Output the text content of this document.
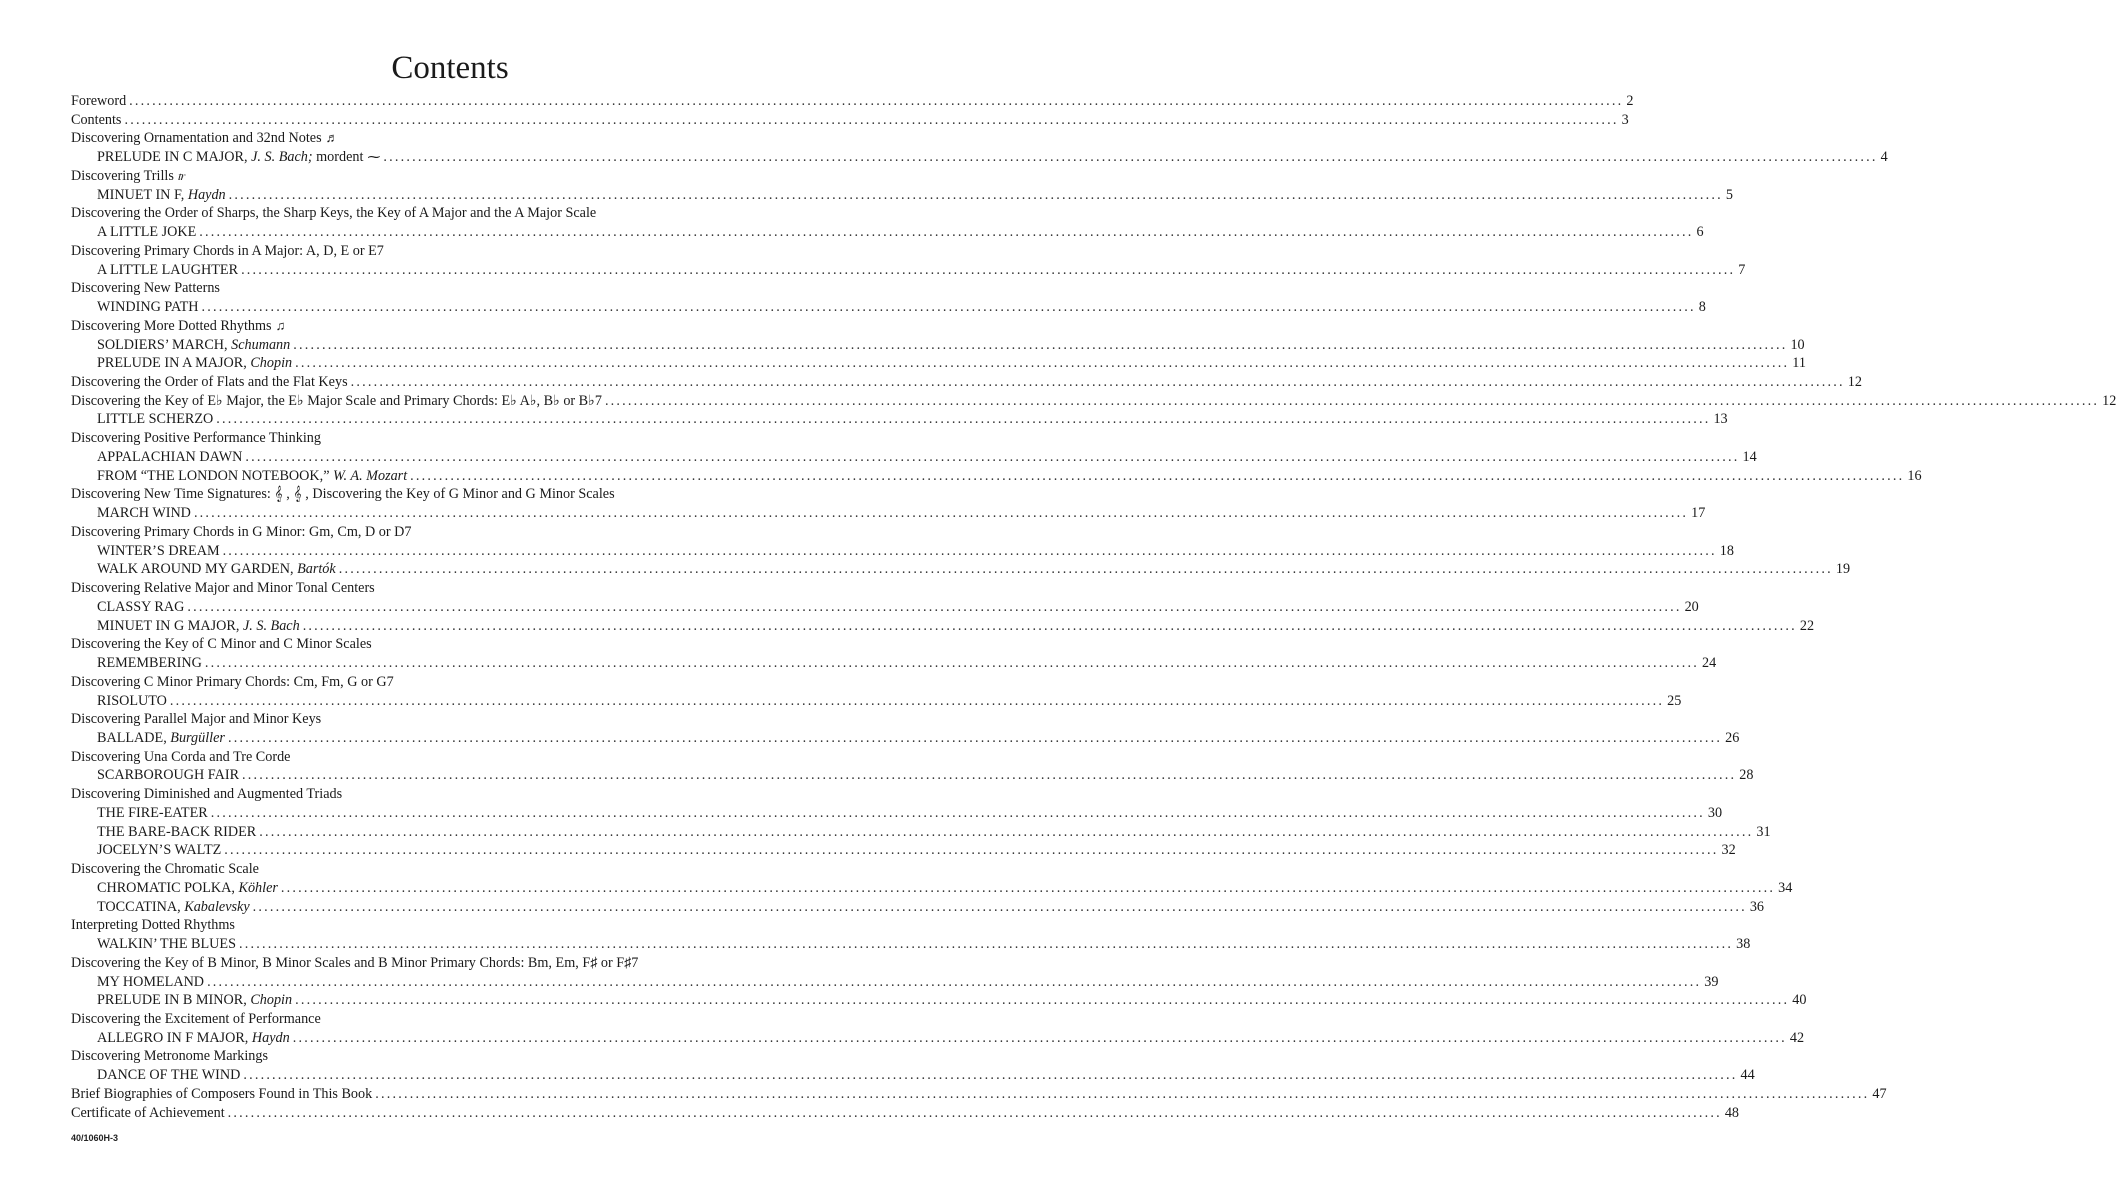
Contents
Foreword .................................................................................................................................................................................................................................................................... 2
Contents .................................................................................................................................................................................................................................................................... 3
Discovering Ornamentation and 32nd Notes ♬
PRELUDE IN C MAJOR, J. S. Bach; mordent ⁓ .................................................................................................................................................................................................................................................................... 4
Discovering Trills 𝆖
MINUET IN F, Haydn .................................................................................................................................................................................................................................................................... 5
Discovering the Order of Sharps, the Sharp Keys, the Key of A Major and the A Major Scale
A LITTLE JOKE .................................................................................................................................................................................................................................................................... 6
Discovering Primary Chords in A Major: A, D, E or E7
A LITTLE LAUGHTER .................................................................................................................................................................................................................................................................... 7
Discovering New Patterns
WINDING PATH .................................................................................................................................................................................................................................................................... 8
Discovering More Dotted Rhythms ♫
SOLDIERS’ MARCH, Schumann .................................................................................................................................................................................................................................................................... 10
PRELUDE IN A MAJOR, Chopin .................................................................................................................................................................................................................................................................... 11
Discovering the Order of Flats and the Flat Keys .................................................................................................................................................................................................................................................................... 12
Discovering the Key of E♭ Major, the E♭ Major Scale and Primary Chords: E♭ A♭, B♭ or B♭7 .................................................................................................................................................................................................................................................................... 12
LITTLE SCHERZO .................................................................................................................................................................................................................................................................... 13
Discovering Positive Performance Thinking
APPALACHIAN DAWN .................................................................................................................................................................................................................................................................... 14
FROM “THE LONDON NOTEBOOK,” W. A. Mozart .................................................................................................................................................................................................................................................................... 16
Discovering New Time Signatures: 𝄞 , 𝄞 , Discovering the Key of G Minor and G Minor Scales
MARCH WIND .................................................................................................................................................................................................................................................................... 17
Discovering Primary Chords in G Minor: Gm, Cm, D or D7
WINTER’S DREAM .................................................................................................................................................................................................................................................................... 18
WALK AROUND MY GARDEN, Bartók .................................................................................................................................................................................................................................................................... 19
Discovering Relative Major and Minor Tonal Centers
CLASSY RAG .................................................................................................................................................................................................................................................................... 20
MINUET IN G MAJOR, J. S. Bach .................................................................................................................................................................................................................................................................... 22
Discovering the Key of C Minor and C Minor Scales
REMEMBERING .................................................................................................................................................................................................................................................................... 24
Discovering C Minor Primary Chords: Cm, Fm, G or G7
RISOLUTO .................................................................................................................................................................................................................................................................... 25
Discovering Parallel Major and Minor Keys
BALLADE, Burgüller .................................................................................................................................................................................................................................................................... 26
Discovering Una Corda and Tre Corde
SCARBOROUGH FAIR .................................................................................................................................................................................................................................................................... 28
Discovering Diminished and Augmented Triads
THE FIRE-EATER .................................................................................................................................................................................................................................................................... 30
THE BARE-BACK RIDER .................................................................................................................................................................................................................................................................... 31
JOCELYN’S WALTZ .................................................................................................................................................................................................................................................................... 32
Discovering the Chromatic Scale
CHROMATIC POLKA, Köhler .................................................................................................................................................................................................................................................................... 34
TOCCATINA, Kabalevsky .................................................................................................................................................................................................................................................................... 36
Interpreting Dotted Rhythms
WALKIN’ THE BLUES .................................................................................................................................................................................................................................................................... 38
Discovering the Key of B Minor, B Minor Scales and B Minor Primary Chords: Bm, Em, F♯ or F♯7
MY HOMELAND .................................................................................................................................................................................................................................................................... 39
PRELUDE IN B MINOR, Chopin .................................................................................................................................................................................................................................................................... 40
Discovering the Excitement of Performance
ALLEGRO IN F MAJOR, Haydn .................................................................................................................................................................................................................................................................... 42
Discovering Metronome Markings
DANCE OF THE WIND .................................................................................................................................................................................................................................................................... 44
Brief Biographies of Composers Found in This Book .................................................................................................................................................................................................................................................................... 47
Certificate of Achievement .................................................................................................................................................................................................................................................................... 48
40/1060H-3
